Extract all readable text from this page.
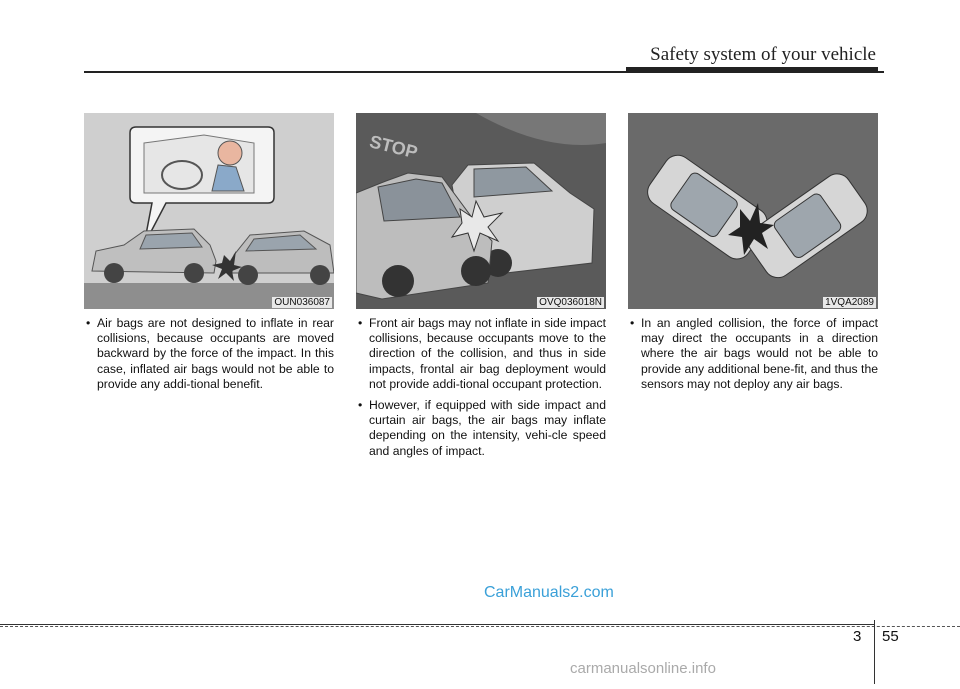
Safety system of your vehicle
OUN036087
STOP
OVQ036018N	1VQA2089

• Air bags are not designed to inflate in rear collisions, because occupants are moved backward by the force of the impact. In this case, inflated air bags would not be able to provide any addi-tional benefit.

• Front air bags may not inflate in side impact collisions, because occupants move to the direction of the collision, and thus in side impacts, frontal air bag deployment would not provide addi-tional occupant protection.

• However, if equipped with side impact and curtain air bags, the air bags may inflate depending on the intensity, vehi-cle speed and angles of impact.

• In an angled collision, the force of impact may direct the occupants in a direction where the air bags would not be able to provide any additional bene-fit, and thus the sensors may not deploy any air bags.

CarManuals2.com
3 55
carmanualsonline.info
